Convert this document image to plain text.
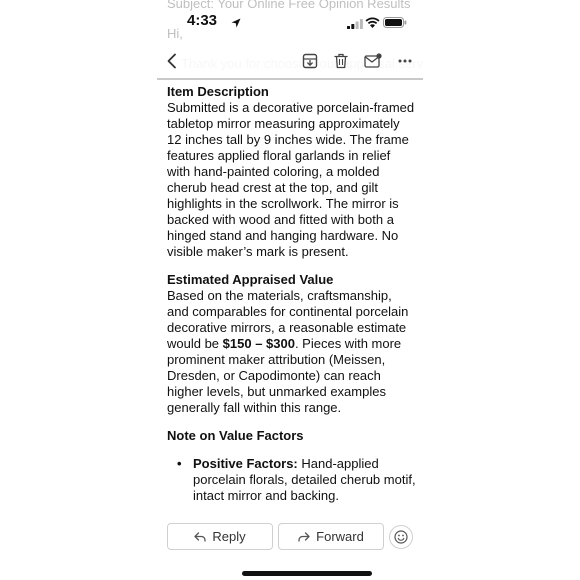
Subject: Your Online Free Opinion Results
Hi,
4:33

Item Description

Submitted is a decorative porcelain-framed tabletop mirror measuring approximately 12 inches tall by 9 inches wide. The frame features applied floral garlands in relief with hand-painted coloring, a molded cherub head crest at the top, and gilt highlights in the scrollwork. The mirror is backed with wood and fitted with both a hinged stand and hanging hardware. No visible maker’s mark is present.

Estimated Appraised Value

Based on the materials, craftsmanship, and comparables for continental porcelain decorative mirrors, a reasonable estimate would be $150 – $300. Pieces with more prominent maker attribution (Meissen, Dresden, or Capodimonte) can reach higher levels, but unmarked examples generally fall within this range.

Note on Value Factors

• Positive Factors: Hand-applied porcelain florals, detailed cherub motif, intact mirror and backing.
Reply	Forward
